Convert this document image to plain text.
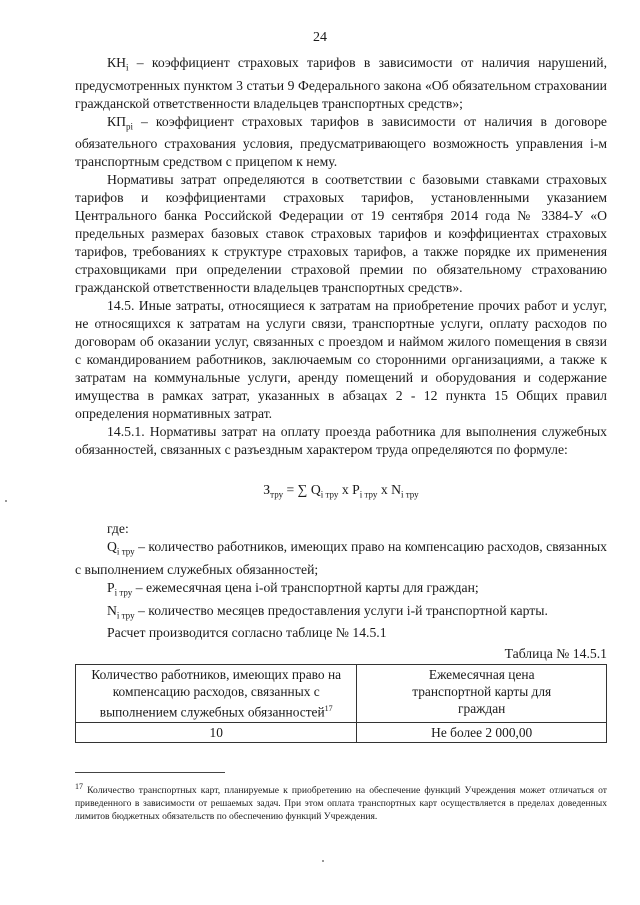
24

$КН_i$ – коэффициент страховых тарифов в зависимости от наличия нарушений, предусмотренных пунктом 3 статьи 9 Федерального закона «Об обязательном страховании гражданской ответственности владельцев транспортных средств»;

$КП_{pi}$ – коэффициент страховых тарифов в зависимости от наличия в договоре обязательного страхования условия, предусматривающего возможность управления i-м транспортным средством с прицепом к нему.

Нормативы затрат определяются в соответствии с базовыми ставками страховых тарифов и коэффициентами страховых тарифов, установленными указанием Центрального банка Российской Федерации от 19 сентября 2014 года № 3384-У «О предельных размерах базовых ставок страховых тарифов и коэффициентах страховых тарифов, требованиях к структуре страховых тарифов, а также порядке их применения страховщиками при определении страховой премии по обязательному страхованию гражданской ответственности владельцев транспортных средств».

14.5. Иные затраты, относящиеся к затратам на приобретение прочих работ и услуг, не относящихся к затратам на услуги связи, транспортные услуги, оплату расходов по договорам об оказании услуг, связанных с проездом и наймом жилого помещения в связи с командированием работников, заключаемым со сторонними организациями, а также к затратам на коммунальные услуги, аренду помещений и оборудования и содержание имущества в рамках затрат, указанных в абзацах 2 - 12 пункта 15 Общих правил определения нормативных затрат.

14.5.1. Нормативы затрат на оплату проезда работника для выполнения служебных обязанностей, связанных с разъездным характером труда определяются по формуле:

$З_{тру}$ = ∑ $Q_{i тру}$ x $P_{i тру}$ x $N_{i тру}$

где:

$Q_{i тру}$ – количество работников, имеющих право на компенсацию расходов, связанных с выполнением служебных обязанностей;

$P_{i тру}$ – ежемесячная цена i-ой транспортной карты для граждан;

$N_{i тру}$ – количество месяцев предоставления услуги i-й транспортной карты.

Расчет производится согласно таблице № 14.5.1

Таблица № 14.5.1
Количество работников, имеющих право на компенсацию расходов, связанных с выполнением служебных обязанностей$^{17}$	Ежемесячная цена транспортной карты для граждан
10	Не более 2 000,00
$^{17}$ Количество транспортных карт, планируемые к приобретению на обеспечение функций Учреждения может отличаться от приведенного в зависимости от решаемых задач. При этом оплата транспортных карт осуществляется в пределах доведенных лимитов бюджетных обязательств по обеспечению функций Учреждения.
